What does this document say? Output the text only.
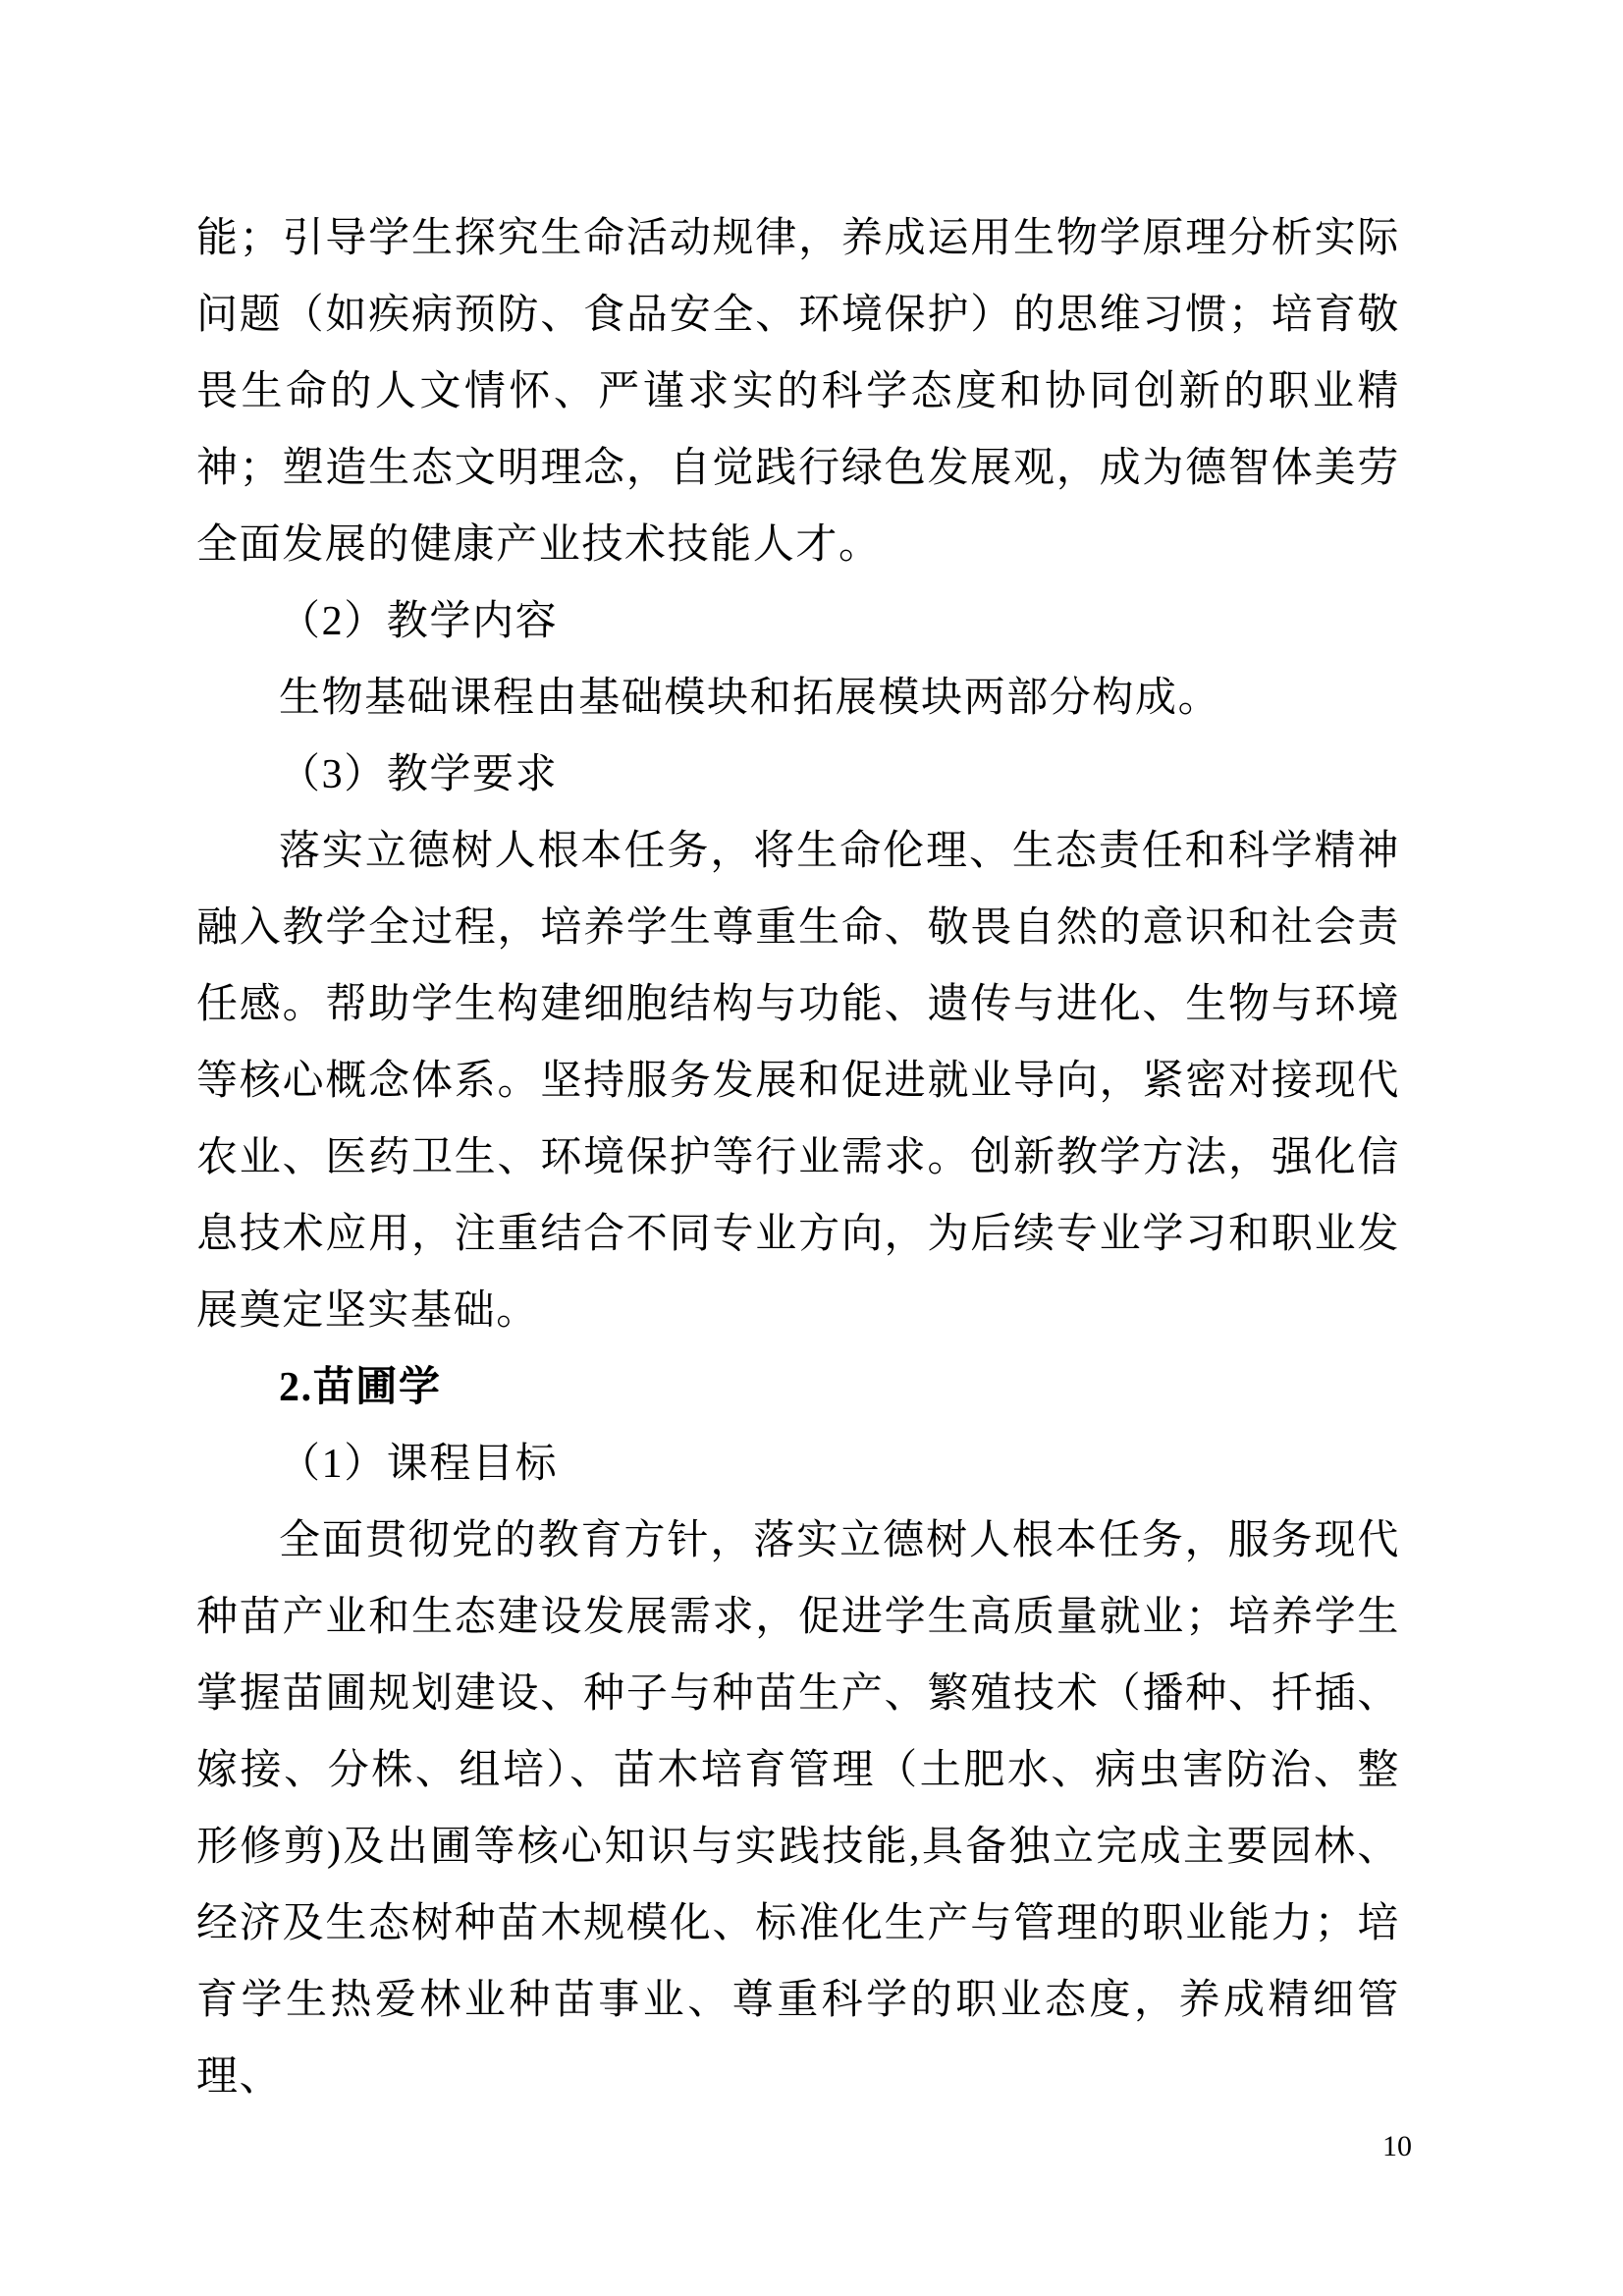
能；引导学生探究生命活动规律，养成运用生物学原理分析实际问题（如疾病预防、食品安全、环境保护）的思维习惯；培育敬畏生命的人文情怀、严谨求实的科学态度和协同创新的职业精神；塑造生态文明理念，自觉践行绿色发展观，成为德智体美劳全面发展的健康产业技术技能人才。

（2）教学内容

生物基础课程由基础模块和拓展模块两部分构成。

（3）教学要求

落实立德树人根本任务，将生命伦理、生态责任和科学精神融入教学全过程，培养学生尊重生命、敬畏自然的意识和社会责任感。帮助学生构建细胞结构与功能、遗传与进化、生物与环境等核心概念体系。坚持服务发展和促进就业导向，紧密对接现代农业、医药卫生、环境保护等行业需求。创新教学方法，强化信息技术应用，注重结合不同专业方向，为后续专业学习和职业发展奠定坚实基础。

2.苗圃学

（1）课程目标

全面贯彻党的教育方针，落实立德树人根本任务，服务现代种苗产业和生态建设发展需求，促进学生高质量就业；培养学生掌握苗圃规划建设、种子与种苗生产、繁殖技术（播种、扦插、嫁接、分株、组培）、苗木培育管理（土肥水、病虫害防治、整形修剪)及出圃等核心知识与实践技能,具备独立完成主要园林、经济及生态树种苗木规模化、标准化生产与管理的职业能力；培育学生热爱林业种苗事业、尊重科学的职业态度，养成精细管理、

10
